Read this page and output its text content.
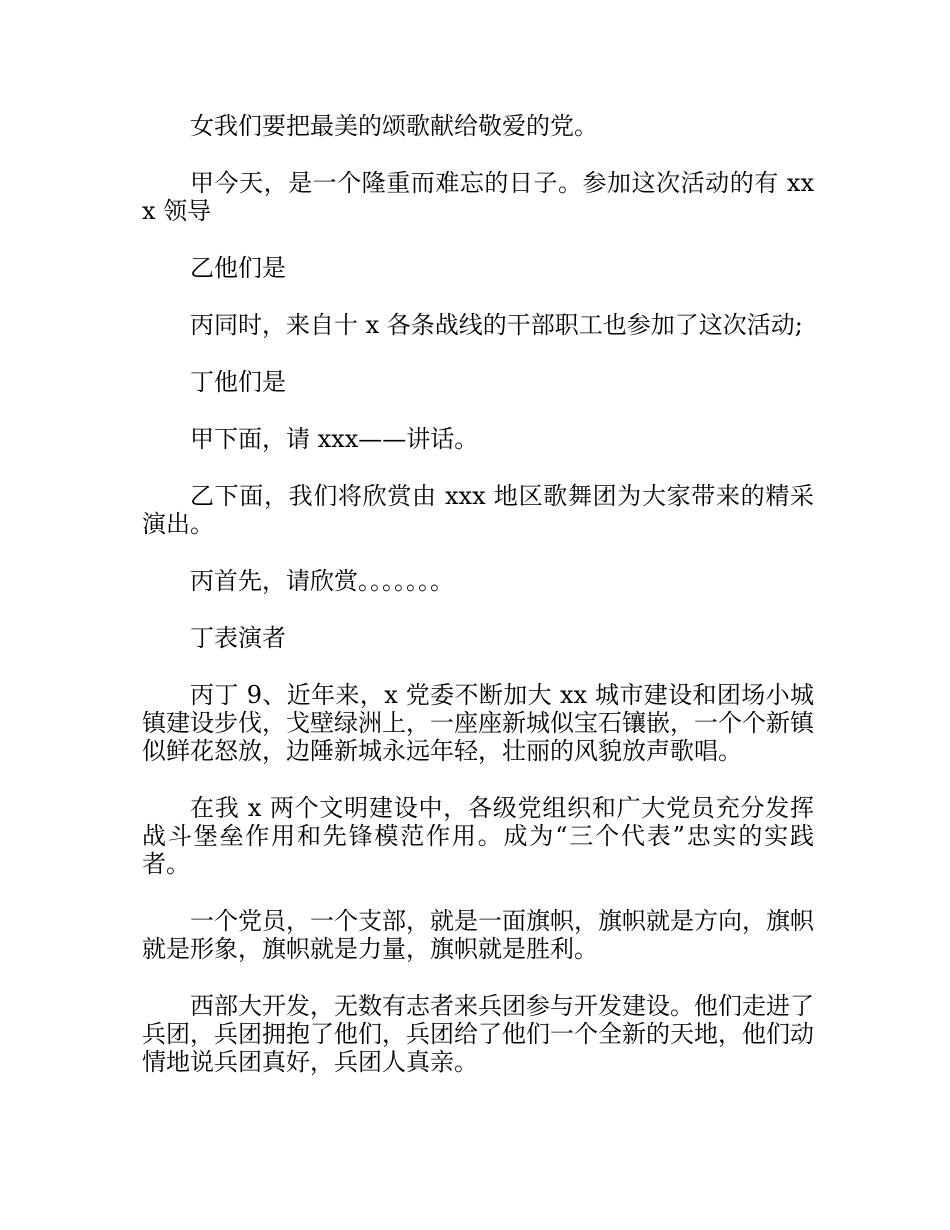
女我们要把最美的颂歌献给敬爱的党。

甲今天，是一个隆重而难忘的日子。参加这次活动的有 xxx 领导

乙他们是

丙同时，来自十 x 各条战线的干部职工也参加了这次活动;

丁他们是

甲下面，请 xxx——讲话。

乙下面，我们将欣赏由 xxx 地区歌舞团为大家带来的精采演出。

丙首先，请欣赏。。。。。。。

丁表演者

丙丁 9、近年来，x 党委不断加大 xx 城市建设和团场小城镇建设步伐，戈壁绿洲上，一座座新城似宝石镶嵌，一个个新镇似鲜花怒放，边陲新城永远年轻，壮丽的风貌放声歌唱。

在我 x 两个文明建设中，各级党组织和广大党员充分发挥战斗堡垒作用和先锋模范作用。成为“三个代表”忠实的实践者。

一个党员，一个支部，就是一面旗帜，旗帜就是方向，旗帜就是形象，旗帜就是力量，旗帜就是胜利。

西部大开发，无数有志者来兵团参与开发建设。他们走进了兵团，兵团拥抱了他们，兵团给了他们一个全新的天地，他们动情地说兵团真好，兵团人真亲。
